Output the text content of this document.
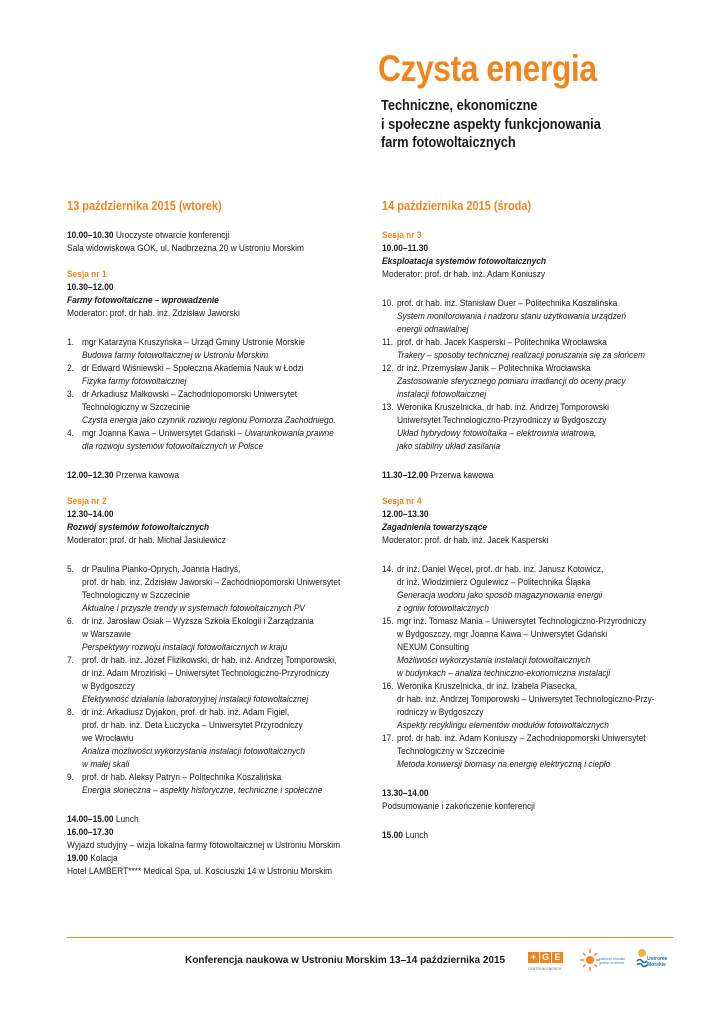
Czysta energia
Techniczne, ekonomiczne
i społeczne aspekty funkcjonowania
farm fotowoltaicznych
13 października 2015 (wtorek)
10.00–10.30 Uroczyste otwarcie konferencji
Sala widowiskowa GOK, ul. Nadbrzeżna 20 w Ustroniu Morskim
Sesja nr 1
10.30–12.00
Farmy fotowoltaiczne – wprowadzenie
Moderator: prof. dr hab. inż. Zdzisław Jaworski
1. mgr Katarzyna Kruszyńska – Urząd Gminy Ustronie Morskie
Budowa farmy fotowoltaicznej w Ustroniu Morskim
2. dr Edward Wiśniewski – Społeczna Akademia Nauk w Łodzi
Fizyka farmy fotowoltaicznej
3. dr Arkadiusz Małkowski – Zachodniopomorski Uniwersytet
Technologiczny w Szczecinie
Czysta energia jako czynnik rozwoju regionu Pomorza Zachodniego.
4. mgr Joanna Kawa – Uniwersytet Gdański – Uwarunkowania prawne
dla rozwoju systemów fotowoltaicznych w Polsce
12.00–12.30 Przerwa kawowa
Sesja nr 2
12.30–14.00
Rozwój systemów fotowoltaicznych
Moderator: prof. dr hab. Michał Jasiulewicz
5. dr Paulina Pianko-Oprych, Joanna Hadryś,
prof. dr hab. inż. Zdzisław Jaworski – Zachodniopomorski Uniwersytet
Technologiczny w Szczecinie
Aktualne i przyszłe trendy w systemach fotowoltaicznych PV
6. dr inż. Jarosław Osiak – Wyższa Szkoła Ekologii i Zarządzania
w Warszawie
Perspektywy rozwoju instalacji fotowoltaicznych w kraju
7. prof. dr hab. inż. Józef Flizikowski, dr hab. inż. Andrzej Tomporowski,
dr inż. Adam Mroziński – Uniwersytet Technologiczno-Przyrodniczy
w Bydgoszczy
Efektywność działania laboratoryjnej instalacji fotowoltaicznej
8. dr inż. Arkadiusz Dyjakon, prof. dr hab. inż. Adam Figiel,
prof. dr hab. inż. Deta Łuczycka – Uniwersytet Przyrodniczy
we Wrocławiu
Analiza możliwości wykorzystania instalacji fotowoltaicznych
w małej skali
9. prof. dr hab. Aleksy Patryn – Politechnika Koszalińska
Energia słoneczna – aspekty historyczne, techniczne i społeczne
14.00–15.00 Lunch
16.00–17.30
Wyjazd studyjny – wizja lokalna farmy fotowoltaicznej w Ustroniu Morskim
19.00 Kolacja
Hotel LAMBERT**** Medical Spa, ul. Kościuszki 14 w Ustroniu Morskim
14 października 2015 (środa)
Sesja nr 3
10.00–11.30
Eksploatacja systemów fotowoltaicznych
Moderator: prof. dr hab. inż. Adam Koniuszy
10. prof. dr hab. inż. Stanisław Duer – Politechnika Koszalińska
System monitorowania i nadzoru stanu użytkowania urządzeń
energii odnawialnej
11. prof. dr hab. Jacek Kasperski – Politechnika Wrocławska
Trakery – sposoby technicznej realizacji poruszania się za słońcem
12. dr inż. Przemysław Janik – Politechnika Wrocławska
Zastosowanie sferycznego pomiaru irradiancji do oceny pracy
instalacji fotowoltaicznej
13. Weronika Kruszelnicka, dr hab. inż. Andrzej Tomporowski
Uniwersytet Technologiczno-Przyrodniczy w Bydgoszczy
Układ hybrydowy fotowoltaika – elektrownia wiatrowa,
jako stabilny układ zasilania
11.30–12.00 Przerwa kawowa
Sesja nr 4
12.00–13.30
Zagadnienia towarzyszące
Moderator: prof. dr hab. inż. Jacek Kasperski
14. dr inż. Daniel Węcel, prof. dr hab. inż. Janusz Kotowicz,
dr inż. Włodzimierz Ogulewicz – Politechnika Śląska
Generacja wodoru jako sposób magazynowania energii
z ogniw fotowoltaicznych
15. mgr inż. Tomasz Mania – Uniwersytet Technologiczno-Przyrodniczy
w Bydgoszczy, mgr Joanna Kawa – Uniwersytet Gdański
NEXUM Consulting
Możliwości wykorzystania instalacji fotowoltaicznych
w budynkach – analiza techniczno-ekonomiczna instalacji
16. Weronika Kruszelnicka, dr inż. Izabela Piasecka,
dr hab. inż. Andrzej Tomporowski – Uniwersytet Technologiczno-Przy-
rodniczy w Bydgoszczy
Aspekty recyklingu elementów modułów fotowoltaicznych
17. prof. dr hab. inż. Adam Koniuszy – Zachodniopomorski Uniwersytet
Technologiczny w Szczecinie
Metoda konwersji biomasy na energię elektryczną i ciepło
13.30–14.00
Podsumowanie i zakończenie konferencji
15.00 Lunch
Konferencja naukowa w Ustroniu Morskim 13–14 października 2015	+ G E
CENTRUM ENERGII
Ustronie Morskie
gmina na słońce
Ustronie
Morskie
